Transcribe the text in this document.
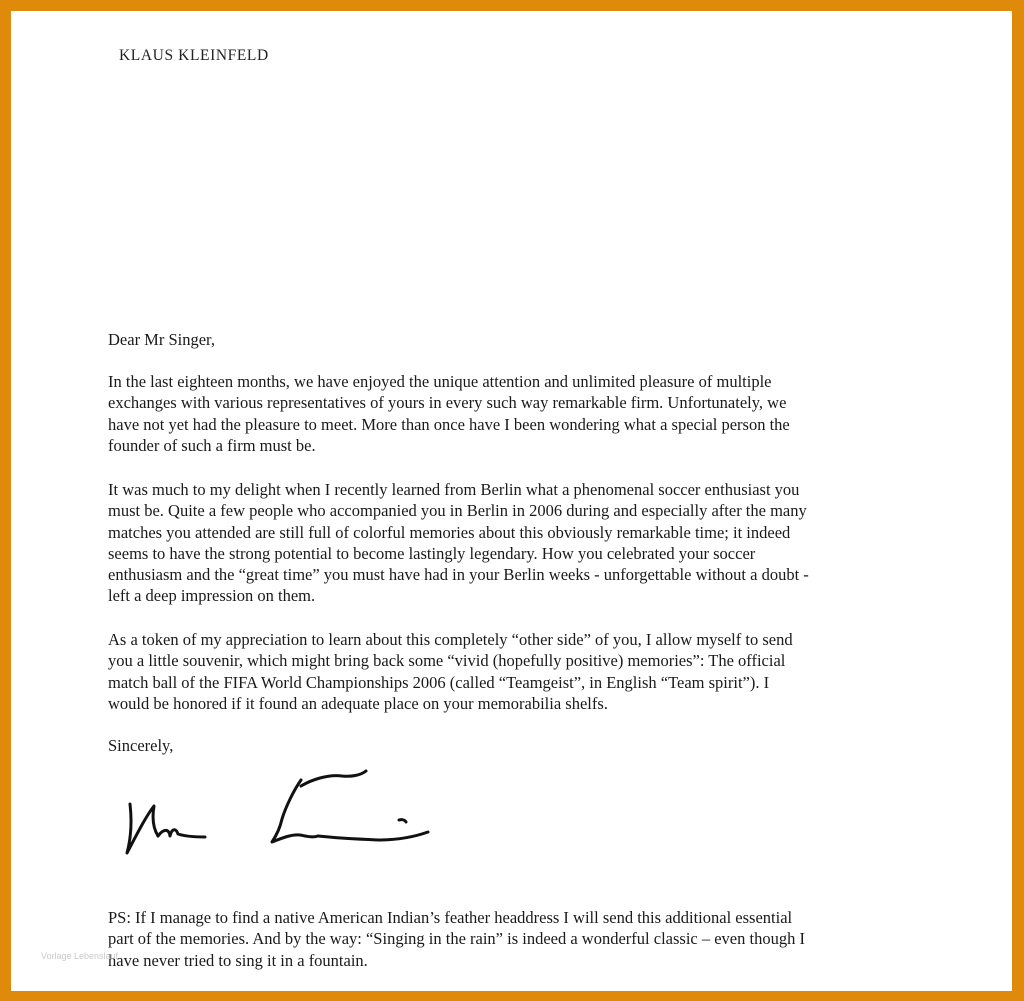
KLAUS KLEINFELD
Dear Mr Singer,

In the last eighteen months, we have enjoyed the unique attention and unlimited pleasure of multiple
exchanges with various representatives of yours in every such way remarkable firm. Unfortunately, we
have not yet had the pleasure to meet. More than once have I been wondering what a special person the
founder of such a firm must be.

It was much to my delight when I recently learned from Berlin what a phenomenal soccer enthusiast you
must be. Quite a few people who accompanied you in Berlin in 2006 during and especially after the many
matches you attended are still full of colorful memories about this obviously remarkable time; it indeed
seems to have the strong potential to become lastingly legendary. How you celebrated your soccer
enthusiasm and the “great time” you must have had in your Berlin weeks - unforgettable without a doubt -
left a deep impression on them.

As a token of my appreciation to learn about this completely “other side” of you, I allow myself to send
you a little souvenir, which might bring back some “vivid (hopefully positive) memories”: The official
match ball of the FIFA World Championships 2006 (called “Teamgeist”, in English “Team spirit”). I
would be honored if it found an adequate place on your memorabilia shelfs.

Sincerely,

PS: If I manage to find a native American Indian’s feather headdress I will send this additional essential
part of the memories. And by the way: “Singing in the rain” is indeed a wonderful classic – even though I
have never tried to sing it in a fountain.

Vorlage Lebenslauf
